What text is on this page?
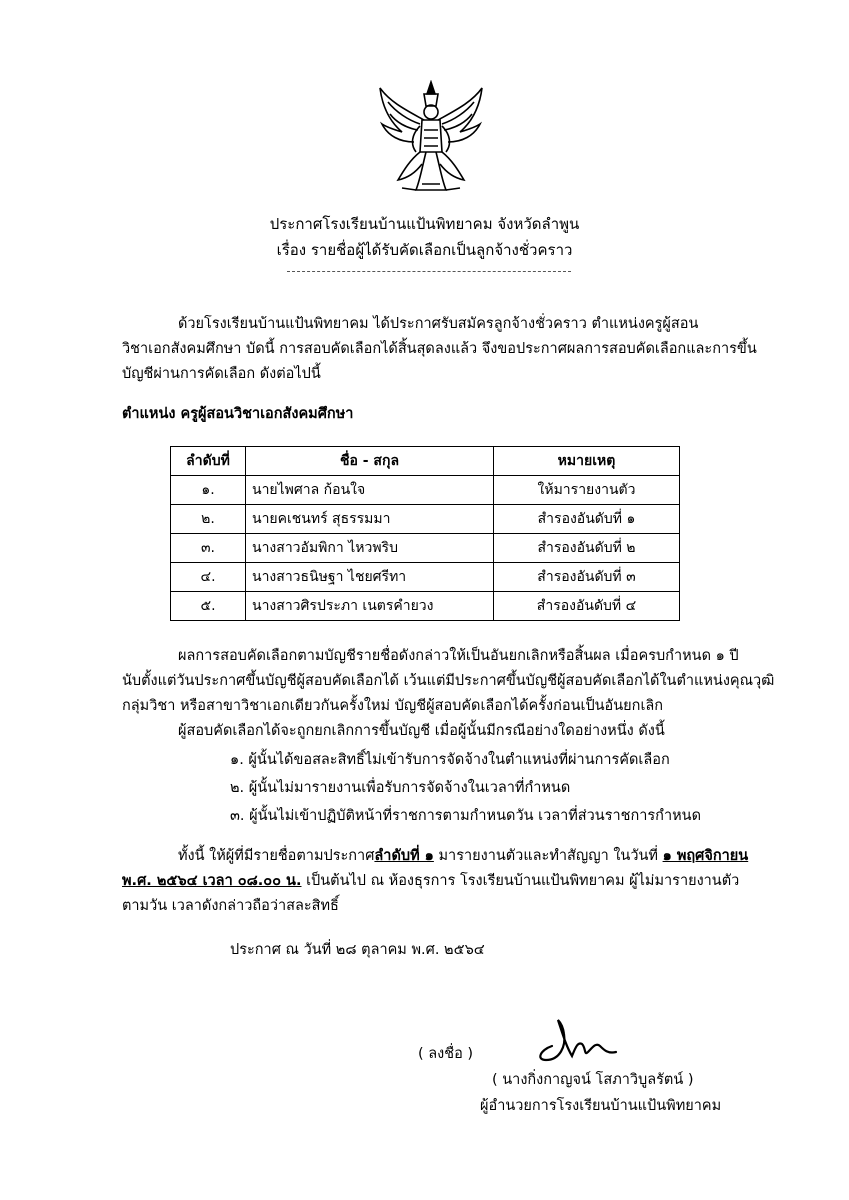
ประกาศโรงเรียนบ้านแป้นพิทยาคม จังหวัดลำพูน
เรื่อง รายชื่อผู้ได้รับคัดเลือกเป็นลูกจ้างชั่วคราว
ด้วยโรงเรียนบ้านแป้นพิทยาคม ได้ประกาศรับสมัครลูกจ้างชั่วคราว ตำแหน่งครูผู้สอน
วิชาเอกสังคมศึกษา บัดนี้ การสอบคัดเลือกได้สิ้นสุดลงแล้ว จึงขอประกาศผลการสอบคัดเลือกและการขึ้น
บัญชีผ่านการคัดเลือก ดังต่อไปนี้
ตำแหน่ง ครูผู้สอนวิชาเอกสังคมศึกษา
ลำดับที่	ชื่อ - สกุล	หมายเหตุ
๑.	นายไพศาล ก้อนใจ	ให้มารายงานตัว
๒.	นายคเชนทร์ สุธรรมมา	สำรองอันดับที่ ๑
๓.	นางสาวอัมพิกา ไหวพริบ	สำรองอันดับที่ ๒
๔.	นางสาวธนิษฐา ไชยศรีทา	สำรองอันดับที่ ๓
๕.	นางสาวศิรประภา เนตรคำยวง	สำรองอันดับที่ ๔
ผลการสอบคัดเลือกตามบัญชีรายชื่อดังกล่าวให้เป็นอันยกเลิกหรือสิ้นผล เมื่อครบกำหนด ๑ ปี
นับตั้งแต่วันประกาศขึ้นบัญชีผู้สอบคัดเลือกได้ เว้นแต่มีประกาศขึ้นบัญชีผู้สอบคัดเลือกได้ในตำแหน่งคุณวุฒิ
กลุ่มวิชา หรือสาขาวิชาเอกเดียวกันครั้งใหม่ บัญชีผู้สอบคัดเลือกได้ครั้งก่อนเป็นอันยกเลิก
ผู้สอบคัดเลือกได้จะถูกยกเลิกการขึ้นบัญชี เมื่อผู้นั้นมีกรณีอย่างใดอย่างหนึ่ง ดังนี้
๑. ผู้นั้นได้ขอสละสิทธิ์ไม่เข้ารับการจัดจ้างในตำแหน่งที่ผ่านการคัดเลือก
๒. ผู้นั้นไม่มารายงานเพื่อรับการจัดจ้างในเวลาที่กำหนด
๓. ผู้นั้นไม่เข้าปฏิบัติหน้าที่ราชการตามกำหนดวัน เวลาที่ส่วนราชการกำหนด
ทั้งนี้ ให้ผู้ที่มีรายชื่อตามประกาศลำดับที่ ๑ มารายงานตัวและทำสัญญา ในวันที่ ๑ พฤศจิกายน
พ.ศ. ๒๕๖๔ เวลา ๐๘.๐๐ น. เป็นต้นไป ณ ห้องธุรการ โรงเรียนบ้านแป้นพิทยาคม ผู้ไม่มารายงานตัว
ตามวัน เวลาดังกล่าวถือว่าสละสิทธิ์
ประกาศ ณ วันที่ ๒๘ ตุลาคม พ.ศ. ๒๕๖๔
( ลงชื่อ )
( นางกิ่งกาญจน์ โสภาวิบูลรัตน์ )
ผู้อำนวยการโรงเรียนบ้านแป้นพิทยาคม
